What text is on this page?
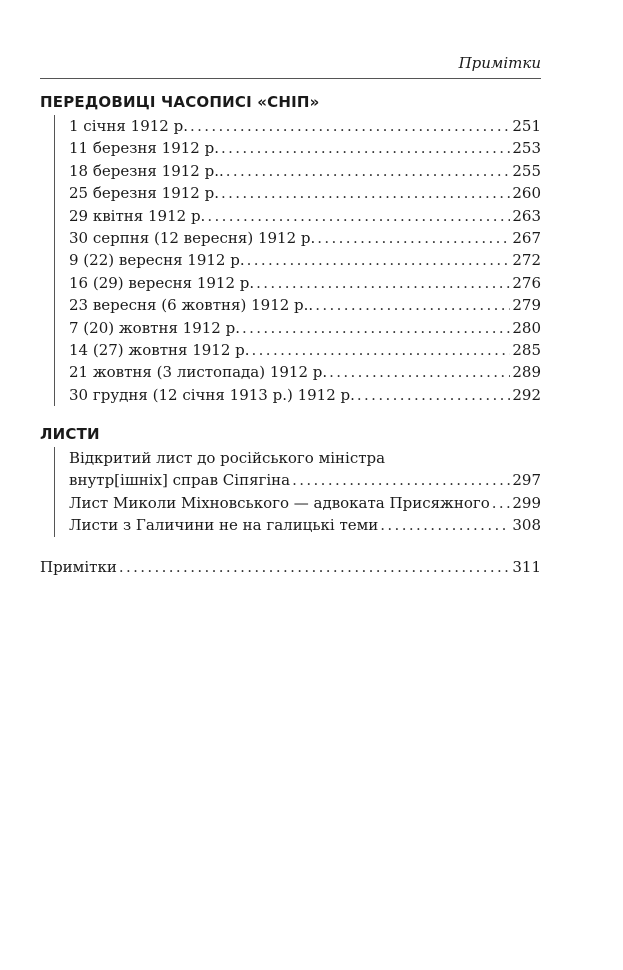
Примітки
ПЕРЕДОВИЦІ ЧАСОПИСІ «СНІП»
1 січня 1912 р. . . .	251
11 березня 1912 р. . . .	253
18 березня 1912 р.. . . .	255
25 березня 1912 р. . . .	260
29 квітня 1912 р. . . .	263
30 серпня (12 вересня) 1912 р. . . .	267
9 (22) вересня 1912 р. . . .	272
16 (29) вересня 1912 р. . . .	276
23 вересня (6 жовтня) 1912 р.. . . .	279
7 (20) жовтня 1912 р. . . .	280
14 (27) жовтня 1912 р. . . .	285
21 жовтня (3 листопада) 1912 р. . . .	289
30 грудня (12 січня 1913 р.) 1912 р. . . .	292
ЛИСТИ
Відкритий лист до російського міністра
внутр[ішніх] справ Сіпягіна . . .	297
Лист Миколи Міхновського — адвоката Присяжного . . . 299
Листи з Галичини не на галицькі теми . . .	308
Примітки . . .	311
